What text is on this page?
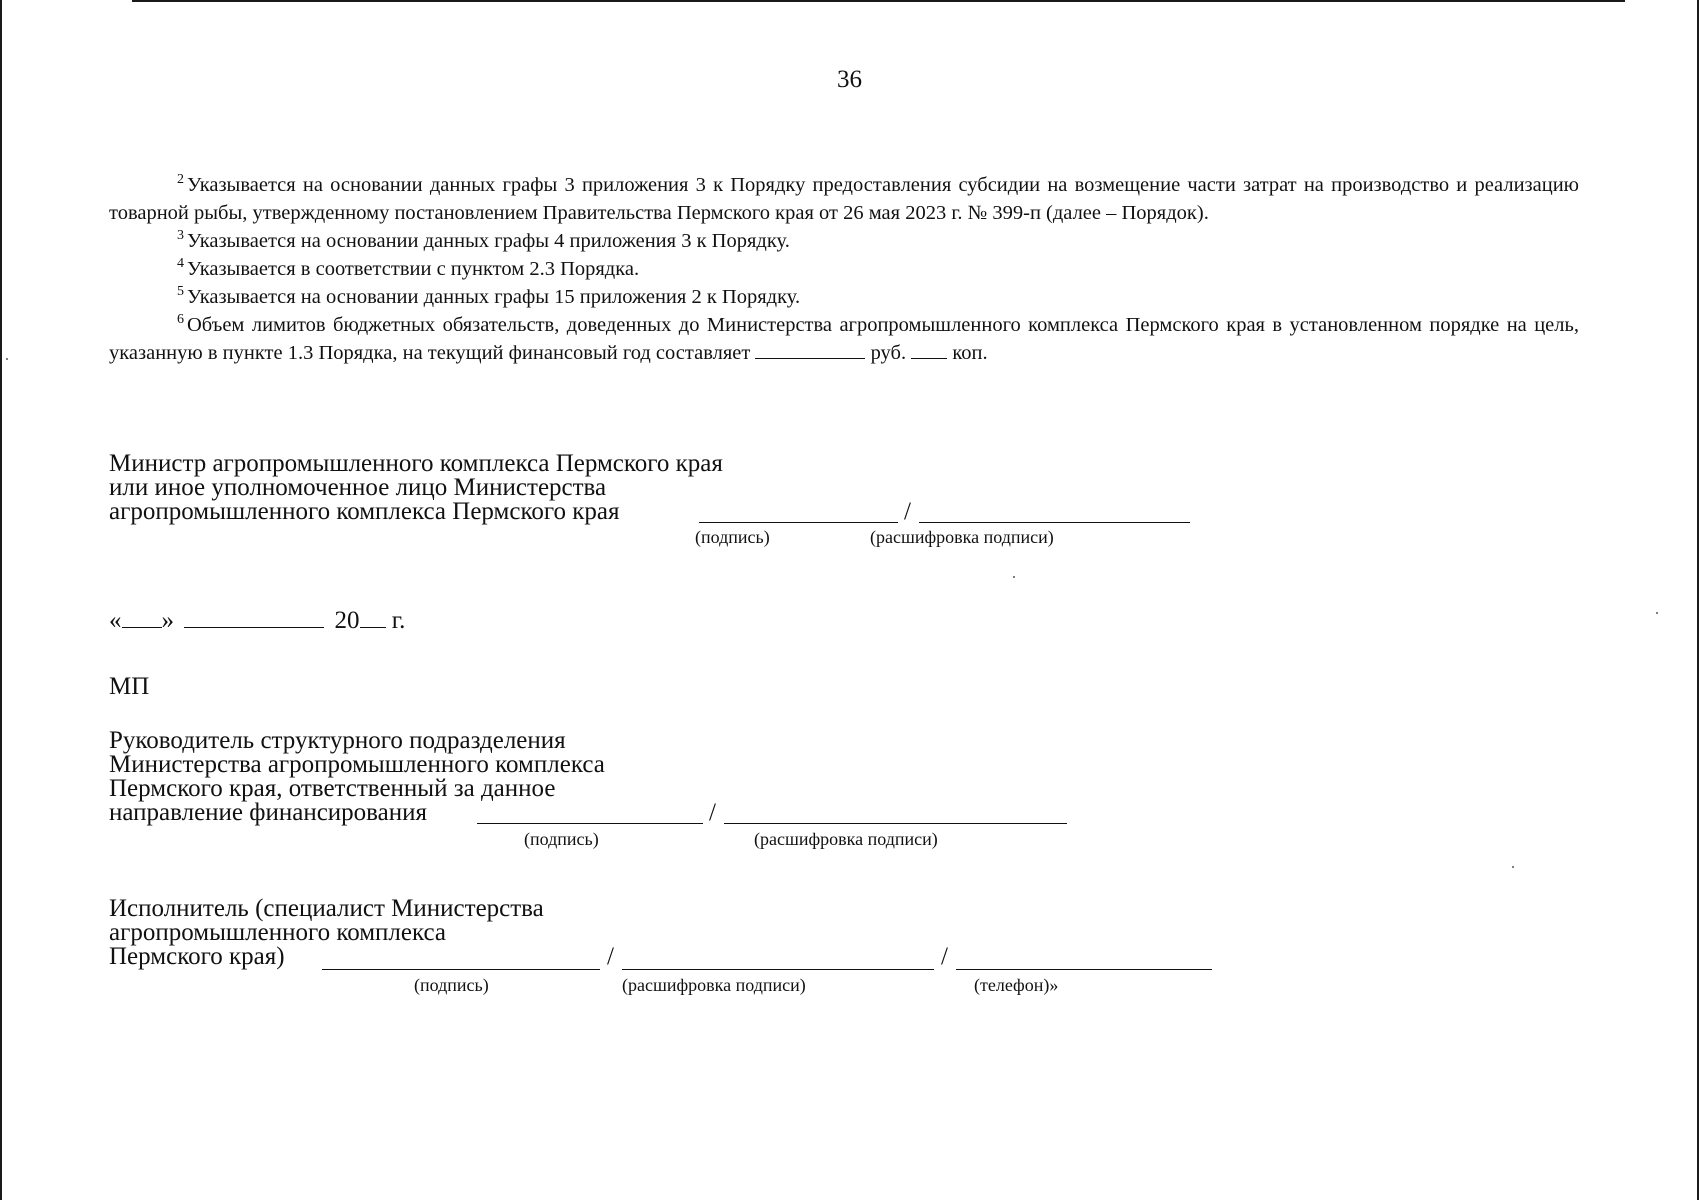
36

$^2$ Указывается на основании данных графы 3 приложения 3 к Порядку предоставления субсидии на возмещение части затрат на производство и реализацию товарной рыбы, утвержденному постановлением Правительства Пермского края от 26 мая 2023 г. № 399-п (далее – Порядок).

$^3$ Указывается на основании данных графы 4 приложения 3 к Порядку.

$^4$ Указывается в соответствии с пунктом 2.3 Порядка.

$^5$ Указывается на основании данных графы 15 приложения 2 к Порядку.

$^6$ Объем лимитов бюджетных обязательств, доведенных до Министерства агропромышленного комплекса Пермского края в установленном порядке на цель, указанную в пункте 1.3 Порядка, на текущий финансовый год составляет	руб. коп.

Министр агропромышленного комплекса Пермского края

или иное уполномоченное лицо Министерства

агропромышленного комплекса Пермского края	/
(подпись)	(расшифровка подписи)
« »	20 г.
МП

Руководитель структурного подразделения

Министерства агропромышленного комплекса

Пермского края, ответственный за данное

направление финансирования	/
(подпись)	(расшифровка подписи)

Исполнитель (специалист Министерства

агропромышленного комплекса

Пермского края)	/	/
(подпись)	(расшифровка подписи)	(телефон)»
